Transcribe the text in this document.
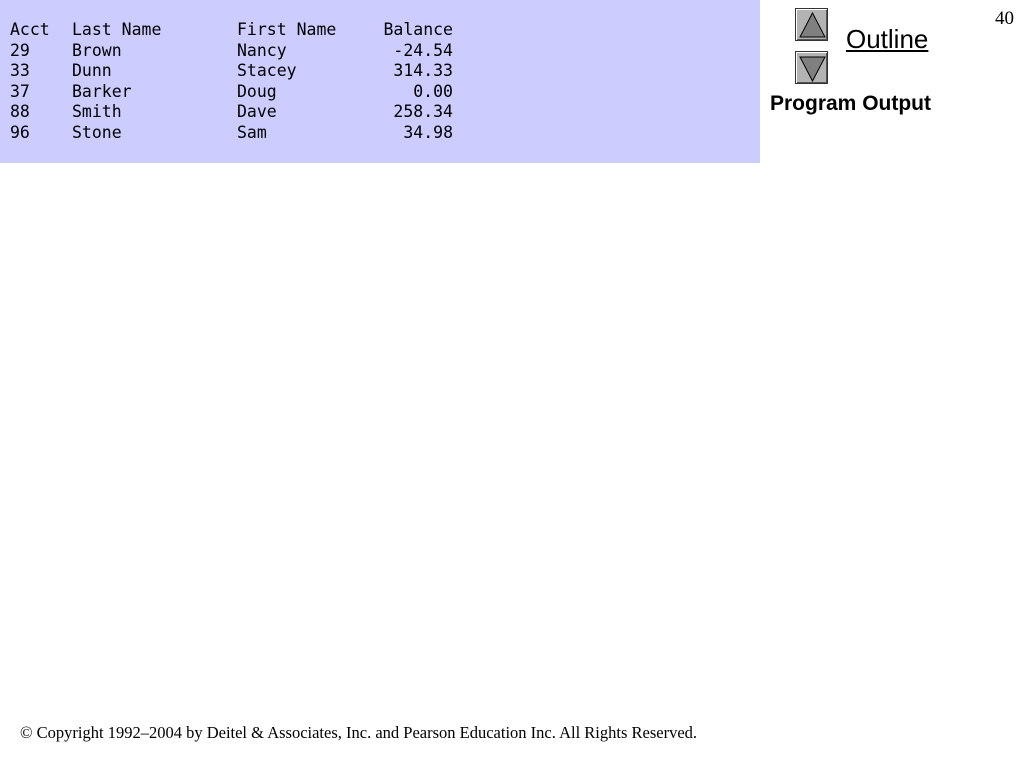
Acct	Last Name	First Name	Balance
29	Brown	Nancy	-24.54
33	Dunn	Stacey	314.33
37	Barker	Doug	0.00
88	Smith	Dave	258.34
96	Stone	Sam	34.98
40
Outline
Program Output
© Copyright 1992–2004 by Deitel & Associates, Inc. and Pearson Education Inc. All Rights Reserved.
